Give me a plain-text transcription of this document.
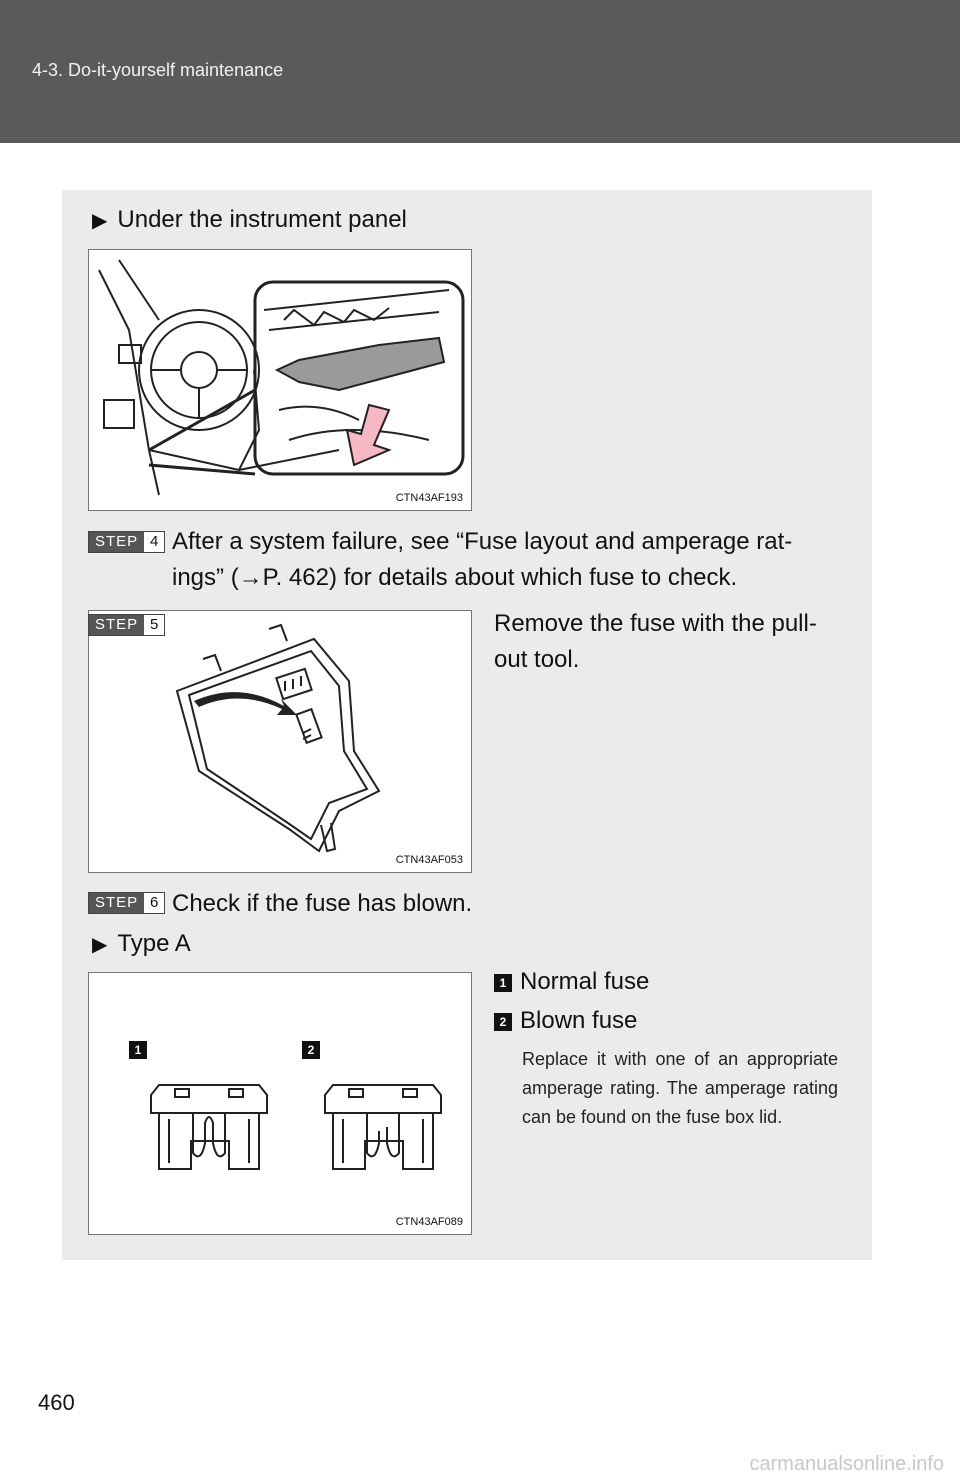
4-3. Do-it-yourself maintenance
▶ Under the instrument panel
CTN43AF193
STEP 4 After a system failure, see “Fuse layout and amperage rat-
ings” (→P. 462) for details about which fuse to check.
CTN43AF053
STEP 5	Remove the fuse with the pull-
out tool.
STEP 6 Check if the fuse has blown.
▶ Type A
1 Normal fuse
2 Blown fuse
Replace it with one of an appropriate amperage rating. The amperage rating can be found on the fuse box lid.
1	2
CTN43AF089
460
carmanualsonline.info
